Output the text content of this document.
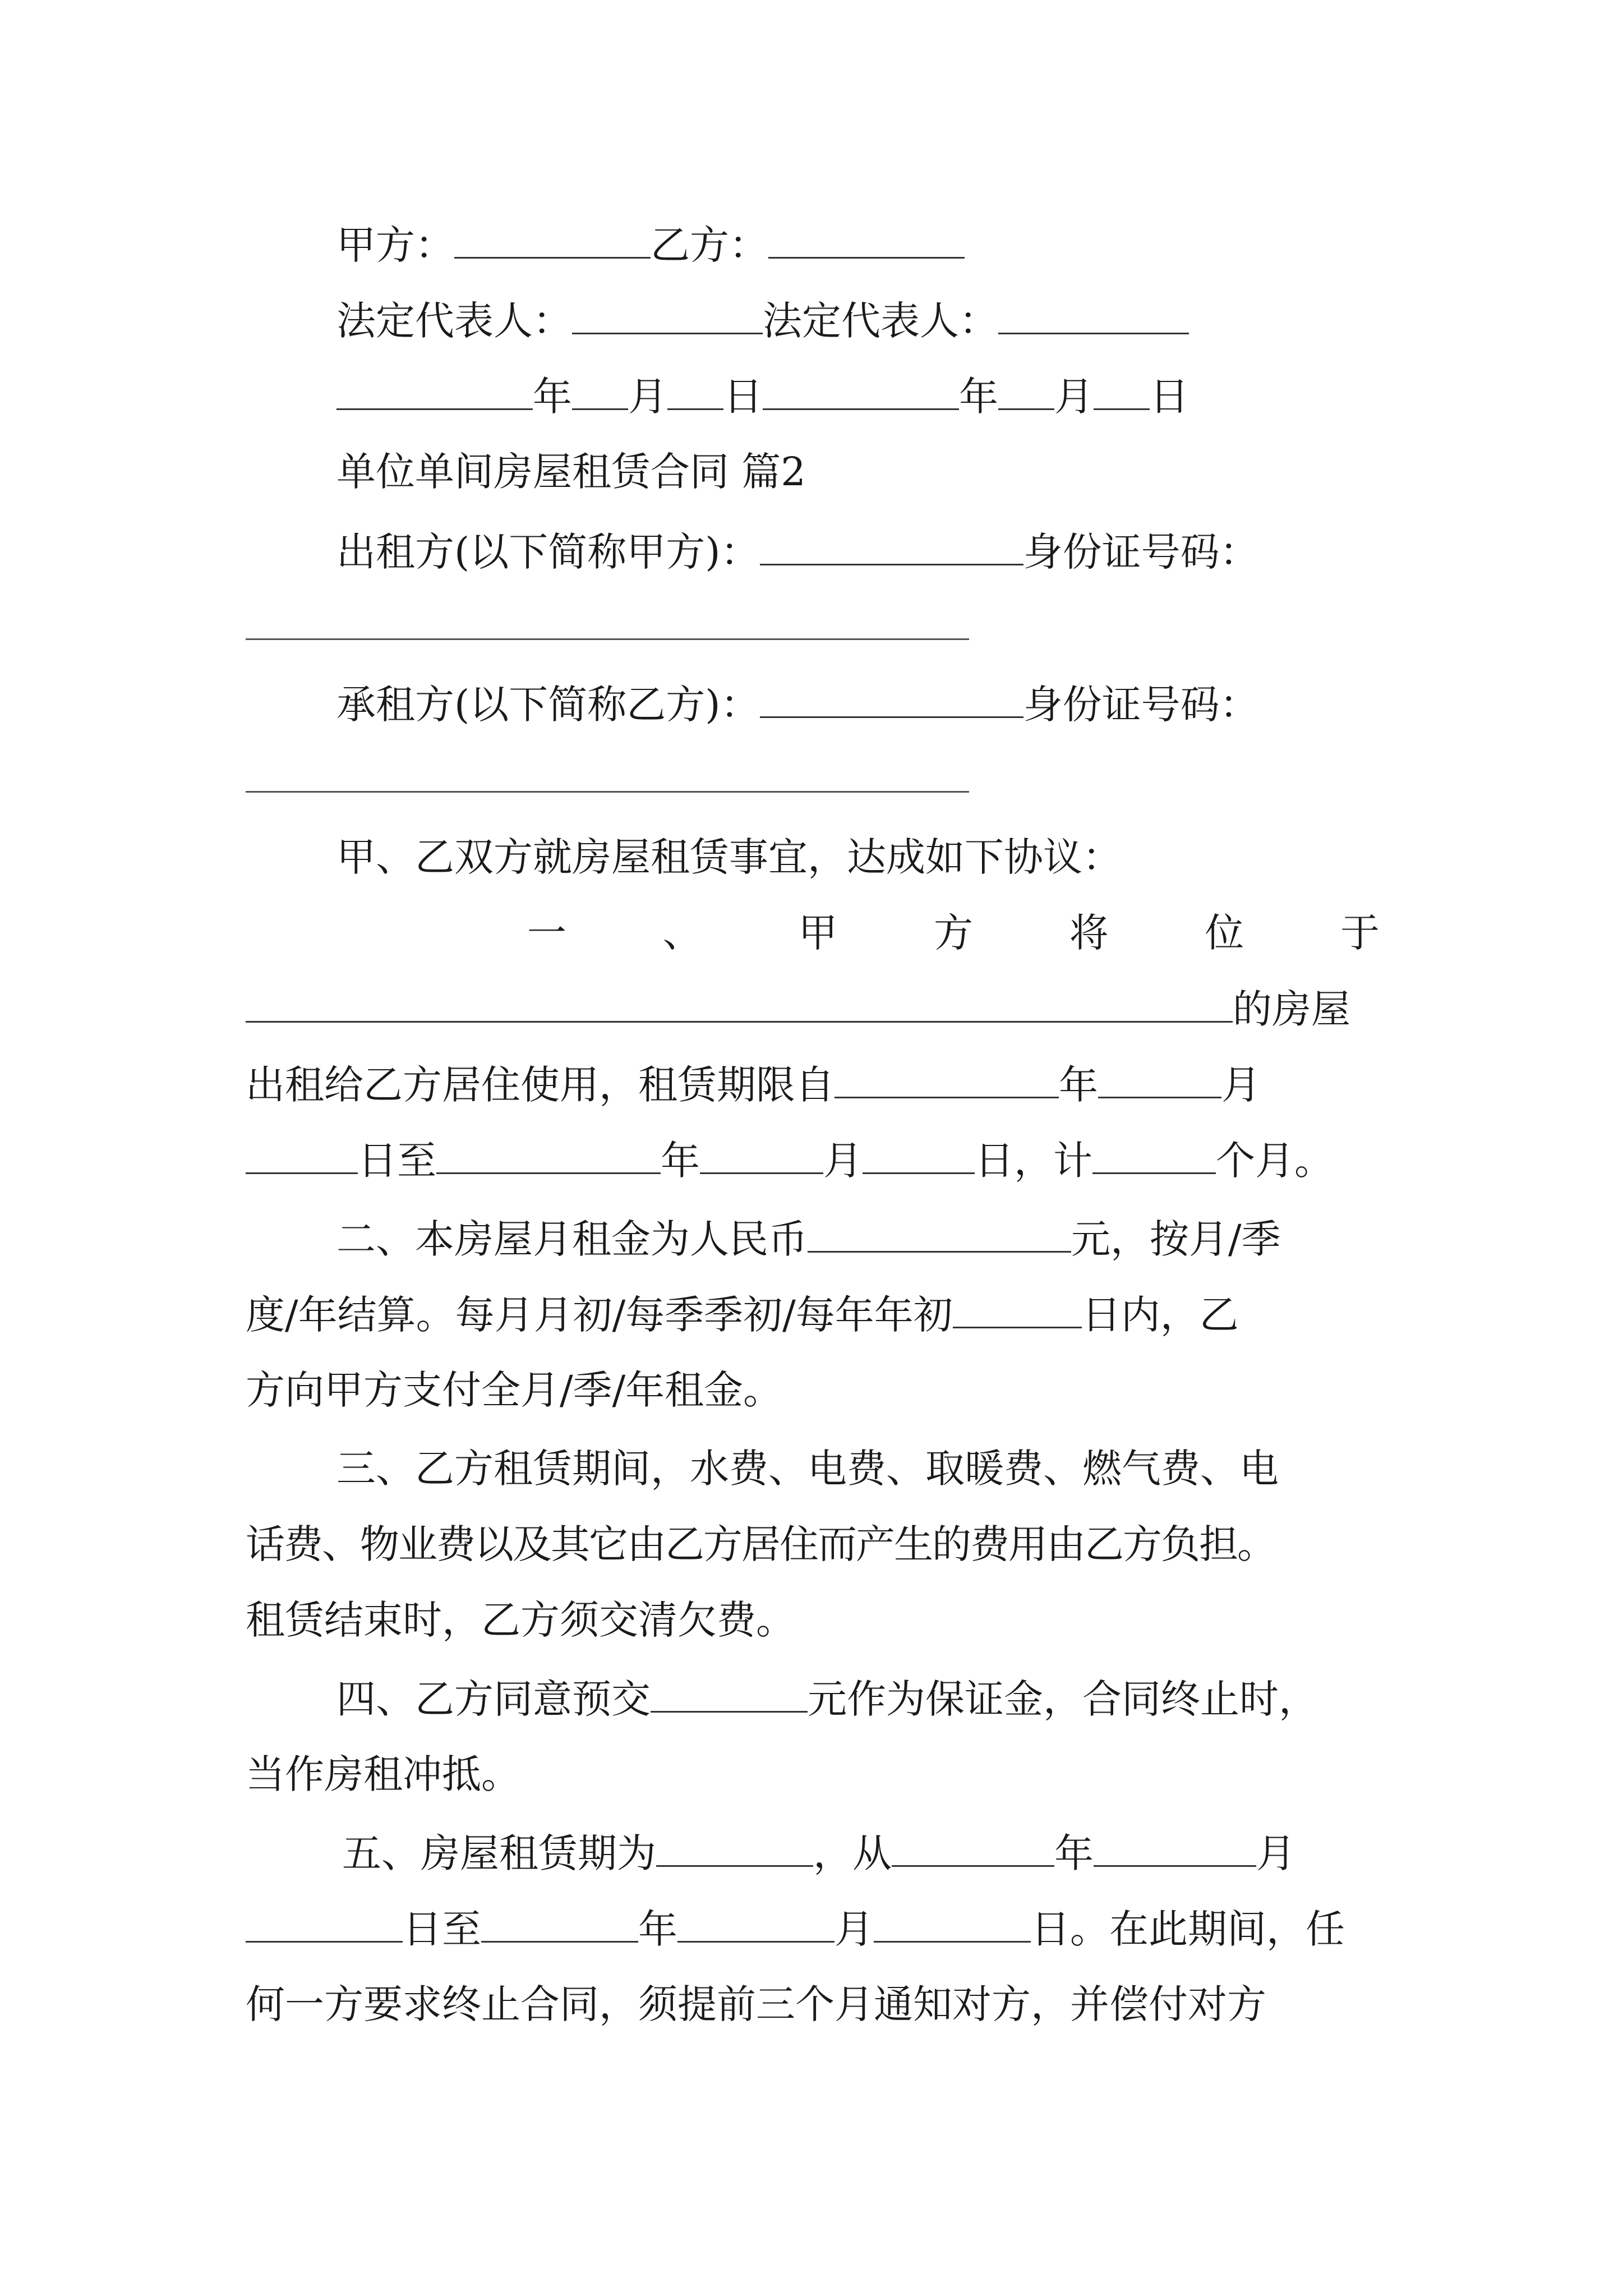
甲方：	乙方：
法定代表人：	法定代表人：
年 月 日	年 月 日
单位单间房屋租赁合同 篇2
出租方(以下简称甲方)：	身份证号码：
承租方(以下简称乙方)：	身份证号码：
甲、乙双方就房屋租赁事宜，达成如下协议：
一 、 甲 方 将 位 于
的房屋
出租给乙方居住使用，租赁期限自	年	月
日至	年	月	日，计	个月。
二、本房屋月租金为人民币	元，按月/季
度/年结算。每月月初/每季季初/每年年初	日内，乙
方向甲方支付全月/季/年租金。
三、乙方租赁期间，水费、电费、取暖费、燃气费、电
话费、物业费以及其它由乙方居住而产生的费用由乙方负担。
租赁结束时，乙方须交清欠费。
四、乙方同意预交	元作为保证金，合同终止时，
当作房租冲抵。
五、房屋租赁期为	，从	年	月
日至	年	月	日。在此期间，任
何一方要求终止合同，须提前三个月通知对方，并偿付对方
